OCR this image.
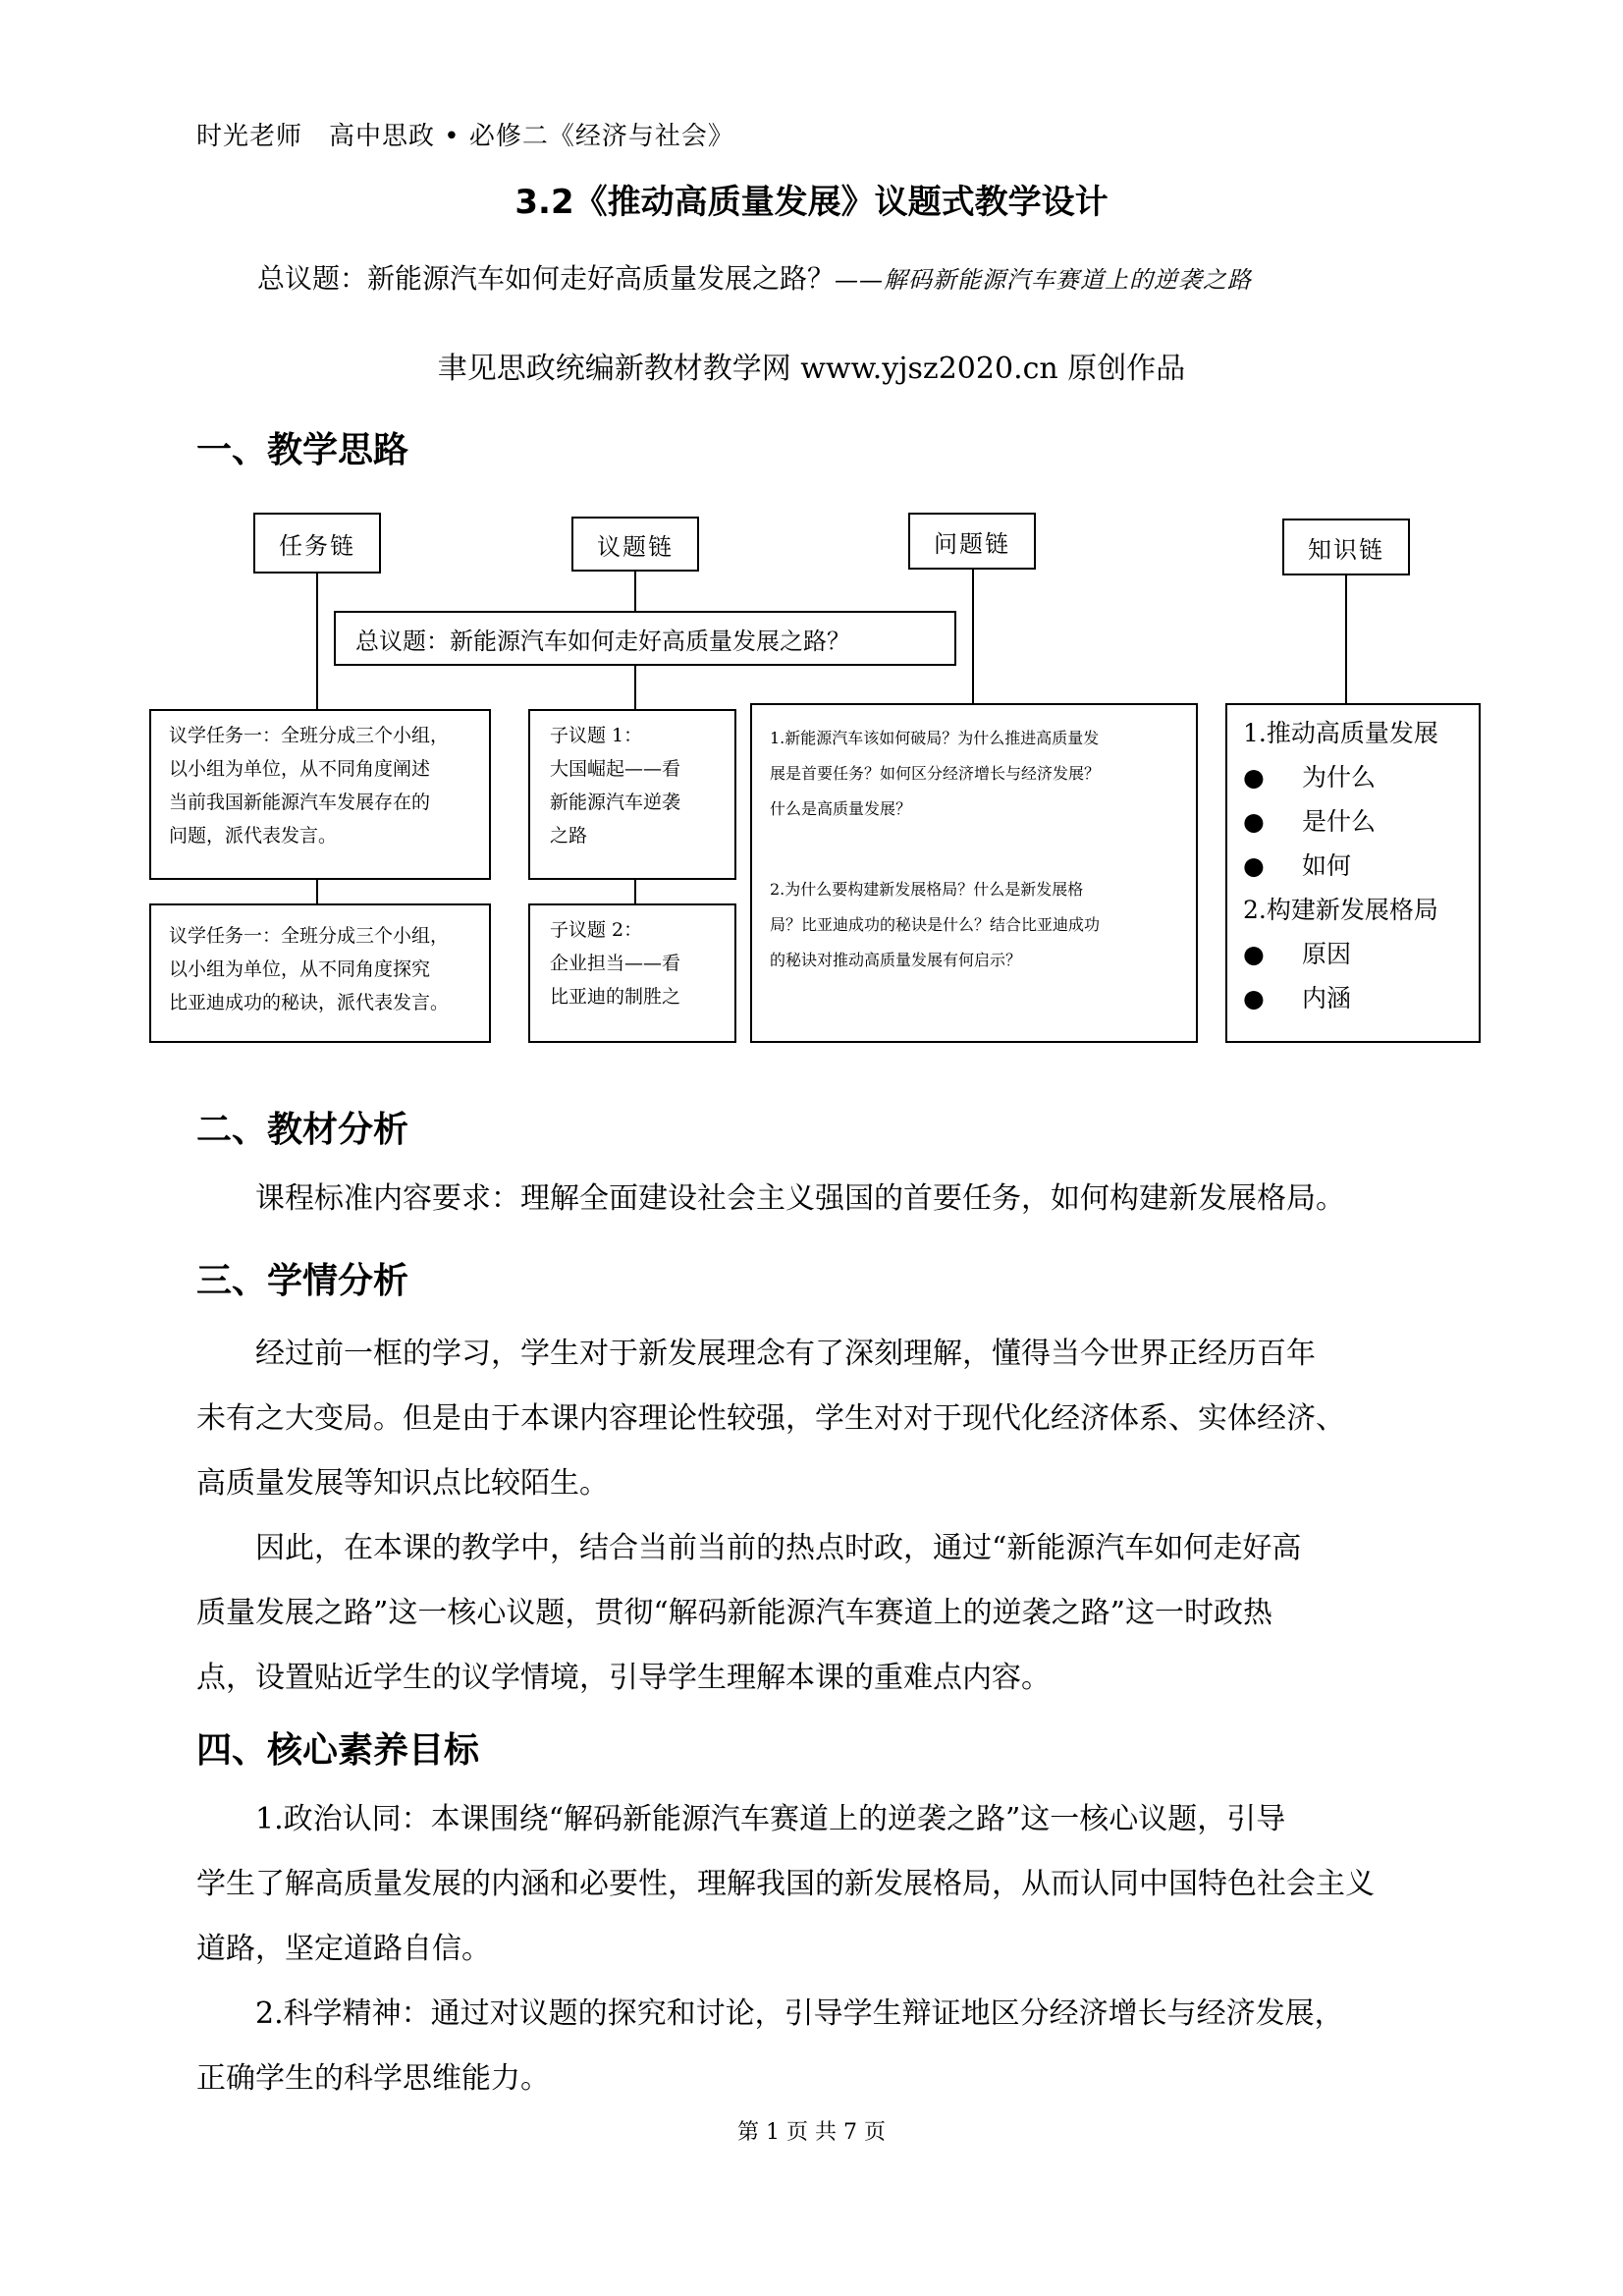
时光老师　高中思政 • 必修二《经济与社会》
3.2《推动高质量发展》议题式教学设计
总议题：新能源汽车如何走好高质量发展之路？——解码新能源汽车赛道上的逆袭之路
聿见思政统编新教材教学网 www.yjsz2020.cn 原创作品
一、教学思路
任务链	议题链	问题链	知识链
总议题：新能源汽车如何走好高质量发展之路？
议学任务一：全班分成三个小组，
以小组为单位，从不同角度阐述
当前我国新能源汽车发展存在的
问题，派代表发言。
议学任务一：全班分成三个小组，
以小组为单位，从不同角度探究
比亚迪成功的秘诀，派代表发言。
子议题 1：
大国崛起——看
新能源汽车逆袭
之路
子议题 2：
企业担当——看
比亚迪的制胜之
1.新能源汽车该如何破局？为什么推进高质量发
展是首要任务？如何区分经济增长与经济发展？
什么是高质量发展？
2.为什么要构建新发展格局？什么是新发展格
局？比亚迪成功的秘诀是什么？结合比亚迪成功
的秘诀对推动高质量发展有何启示？
1.推动高质量发展
●	为什么
●	是什么
●	如何
2.构建新发展格局
●	原因
●	内涵
二、教材分析
课程标准内容要求：理解全面建设社会主义强国的首要任务，如何构建新发展格局。
三、学情分析
经过前一框的学习，学生对于新发展理念有了深刻理解，懂得当今世界正经历百年
未有之大变局。但是由于本课内容理论性较强，学生对对于现代化经济体系、实体经济、
高质量发展等知识点比较陌生。
因此，在本课的教学中，结合当前当前的热点时政，通过“新能源汽车如何走好高
质量发展之路”这一核心议题，贯彻“解码新能源汽车赛道上的逆袭之路”这一时政热
点，设置贴近学生的议学情境，引导学生理解本课的重难点内容。
四、核心素养目标
1.政治认同：本课围绕“解码新能源汽车赛道上的逆袭之路”这一核心议题，引导
学生了解高质量发展的内涵和必要性，理解我国的新发展格局，从而认同中国特色社会主义
道路，坚定道路自信。
2.科学精神：通过对议题的探究和讨论，引导学生辩证地区分经济增长与经济发展，
正确学生的科学思维能力。
第 1 页 共 7 页
